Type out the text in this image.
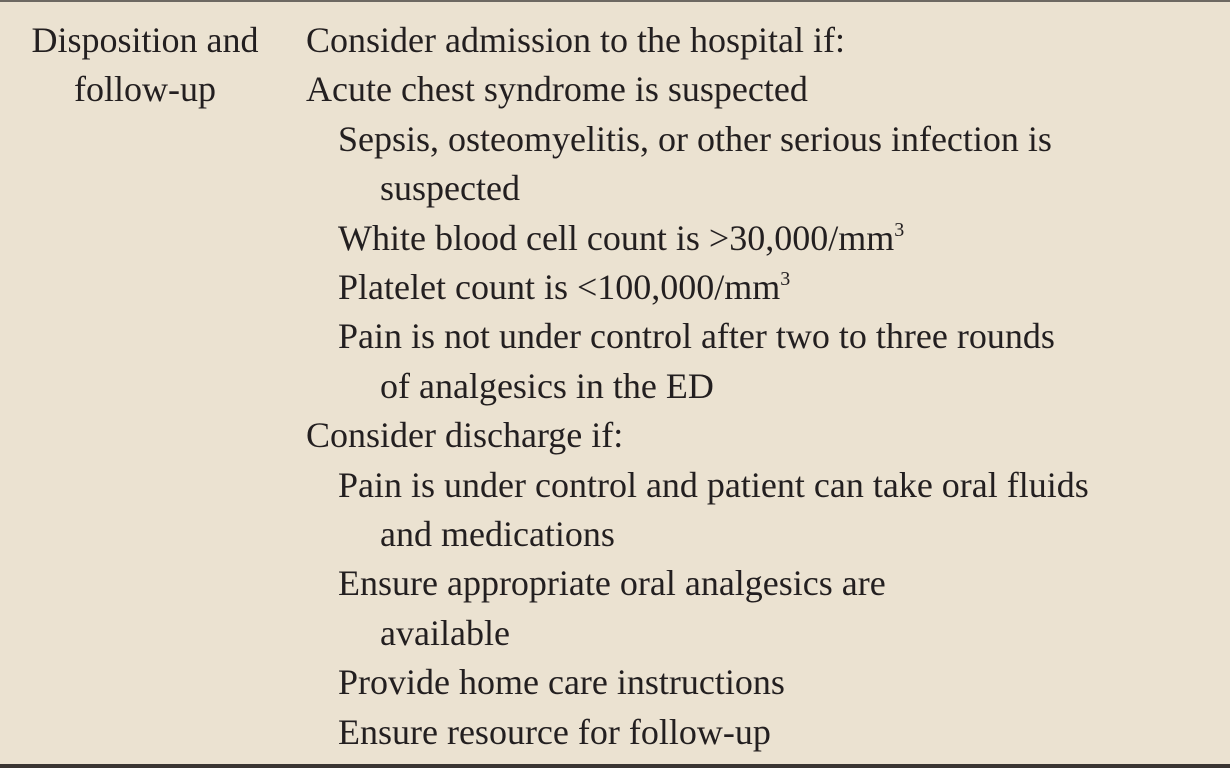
Disposition and
follow-up
Consider admission to the hospital if:
Acute chest syndrome is suspected
Sepsis, osteomyelitis, or other serious infection is
suspected
White blood cell count is $>30,000/mm^3$
Platelet count is $<100,000/mm^3$
Pain is not under control after two to three rounds
of analgesics in the ED
Consider discharge if:
Pain is under control and patient can take oral fluids
and medications
Ensure appropriate oral analgesics are
available
Provide home care instructions
Ensure resource for follow-up
